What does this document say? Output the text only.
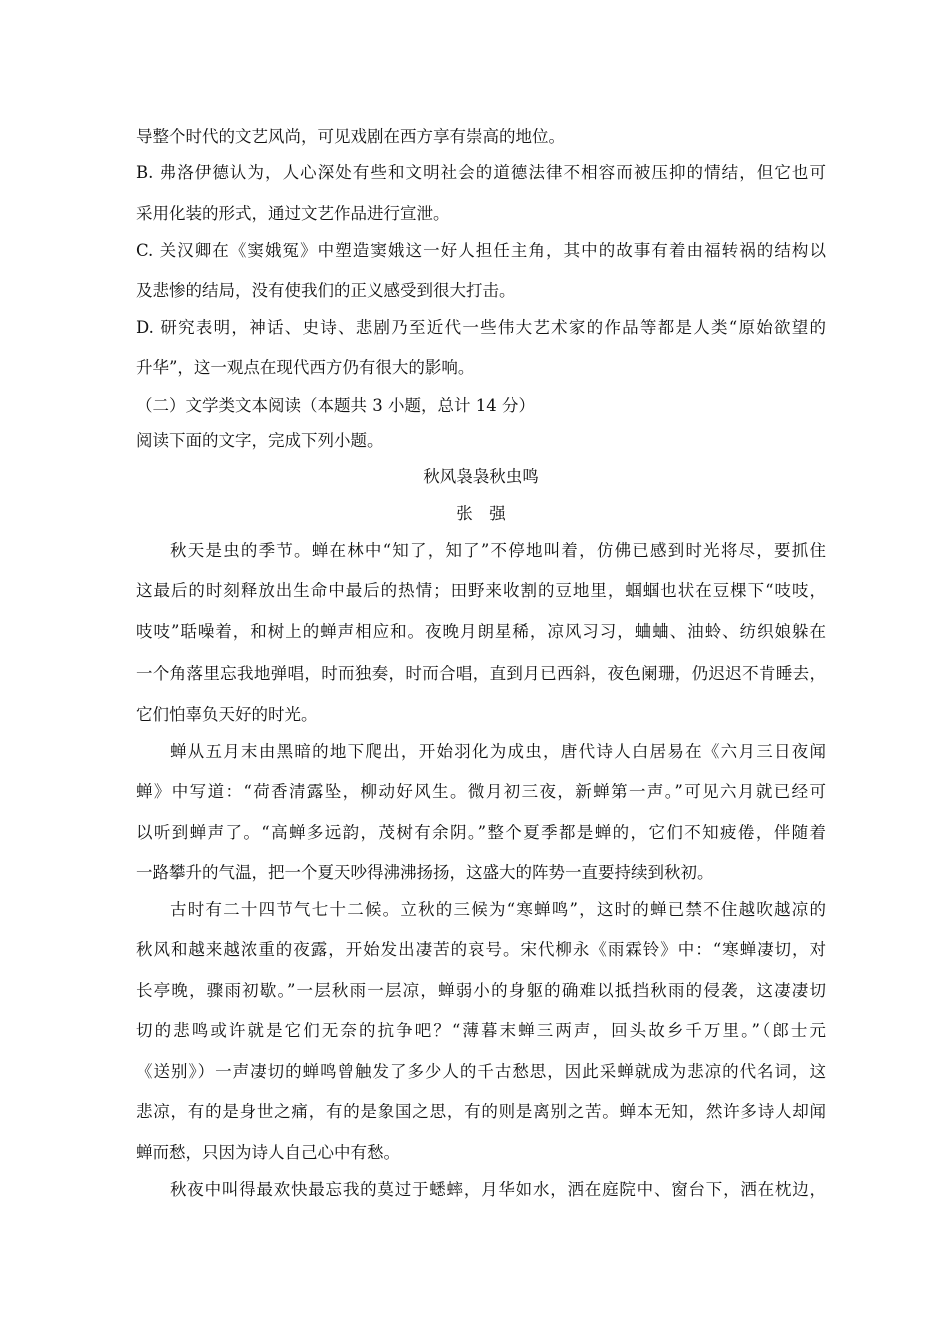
导整个时代的文艺风尚，可见戏剧在西方享有崇高的地位。
B. 弗洛伊德认为，人心深处有些和文明社会的道德法律不相容而被压抑的情结，但它也可
采用化装的形式，通过文艺作品进行宣泄。
C. 关汉卿在《窦娥冤》中塑造窦娥这一好人担任主角，其中的故事有着由福转祸的结构以
及悲惨的结局，没有使我们的正义感受到很大打击。
D. 研究表明，神话、史诗、悲剧乃至近代一些伟大艺术家的作品等都是人类“原始欲望的
升华”，这一观点在现代西方仍有很大的影响。
（二）文学类文本阅读（本题共 3 小题，总计 14 分）
阅读下面的文字，完成下列小题。
秋风袅袅秋虫鸣
张　强
秋天是虫的季节。蝉在林中“知了，知了”不停地叫着，仿佛已感到时光将尽，要抓住
这最后的时刻释放出生命中最后的热情；田野来收割的豆地里，蝈蝈也状在豆棵下“吱吱，
吱吱”聒噪着，和树上的蝉声相应和。夜晚月朗星稀，凉风习习，蛐蛐、油蛉、纺织娘躲在
一个角落里忘我地弹唱，时而独奏，时而合唱，直到月已西斜，夜色阑珊，仍迟迟不肯睡去，
它们怕辜负天好的时光。
蝉从五月末由黑暗的地下爬出，开始羽化为成虫，唐代诗人白居易在《六月三日夜闻
蝉》中写道：“荷香清露坠，柳动好风生。微月初三夜，新蝉第一声。”可见六月就已经可
以听到蝉声了。“高蝉多远韵，茂树有余阴。”整个夏季都是蝉的，它们不知疲倦，伴随着
一路攀升的气温，把一个夏天吵得沸沸扬扬，这盛大的阵势一直要持续到秋初。
古时有二十四节气七十二候。立秋的三候为“寒蝉鸣”，这时的蝉已禁不住越吹越凉的
秋风和越来越浓重的夜露，开始发出凄苦的哀号。宋代柳永《雨霖铃》中：“寒蝉凄切，对
长亭晚，骤雨初歇。”一层秋雨一层凉，蝉弱小的身躯的确难以抵挡秋雨的侵袭，这凄凄切
切的悲鸣或许就是它们无奈的抗争吧？“薄暮末蝉三两声，回头故乡千万里。”（郎士元
《送别》）一声凄切的蝉鸣曾触发了多少人的千古愁思，因此采蝉就成为悲凉的代名词，这
悲凉，有的是身世之痛，有的是象国之思，有的则是离别之苦。蝉本无知，然许多诗人却闻
蝉而愁，只因为诗人自己心中有愁。
秋夜中叫得最欢快最忘我的莫过于蟋蟀，月华如水，洒在庭院中、窗台下，洒在枕边，
